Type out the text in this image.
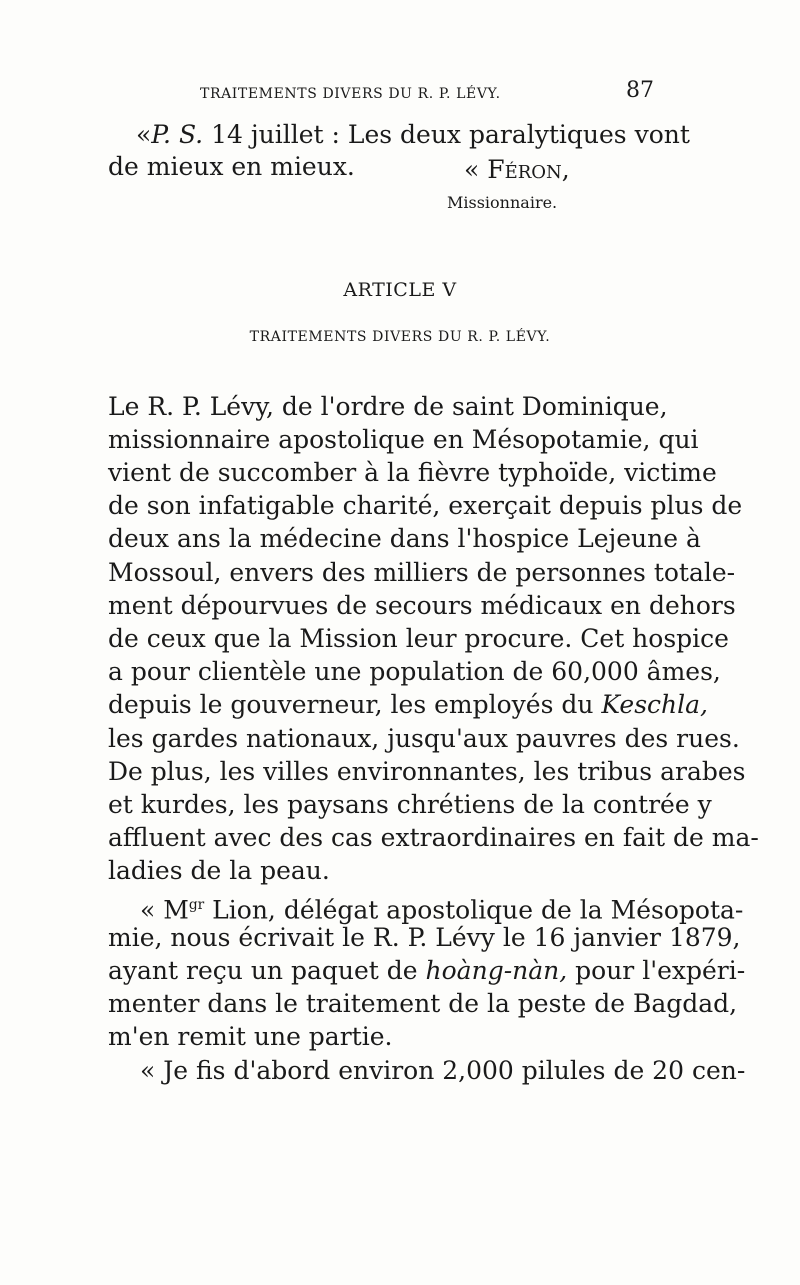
TRAITEMENTS DIVERS DU R. P. LÉVY.	87
«P. S. 14 juillet : Les deux paralytiques vont
de mieux en mieux.	« Féron,
Missionnaire.
ARTICLE V
TRAITEMENTS DIVERS DU R. P. LÉVY.
Le R. P. Lévy, de l'ordre de saint Dominique,
missionnaire apostolique en Mésopotamie, qui
vient de succomber à la fièvre typhoïde, victime
de son infatigable charité, exerçait depuis plus de
deux ans la médecine dans l'hospice Lejeune à
Mossoul, envers des milliers de personnes totale-
ment dépourvues de secours médicaux en dehors
de ceux que la Mission leur procure. Cet hospice
a pour clientèle une population de 60,000 âmes,
depuis le gouverneur, les employés du Keschla,
les gardes nationaux, jusqu'aux pauvres des rues.
De plus, les villes environnantes, les tribus arabes
et kurdes, les paysans chrétiens de la contrée y
affluent avec des cas extraordinaires en fait de ma-
ladies de la peau.
« $M^{gr}$ Lion, délégat apostolique de la Mésopota-
mie, nous écrivait le R. P. Lévy le 16 janvier 1879,
ayant reçu un paquet de hoàng-nàn, pour l'expéri-
menter dans le traitement de la peste de Bagdad,
m'en remit une partie.
« Je fis d'abord environ 2,000 pilules de 20 cen-
